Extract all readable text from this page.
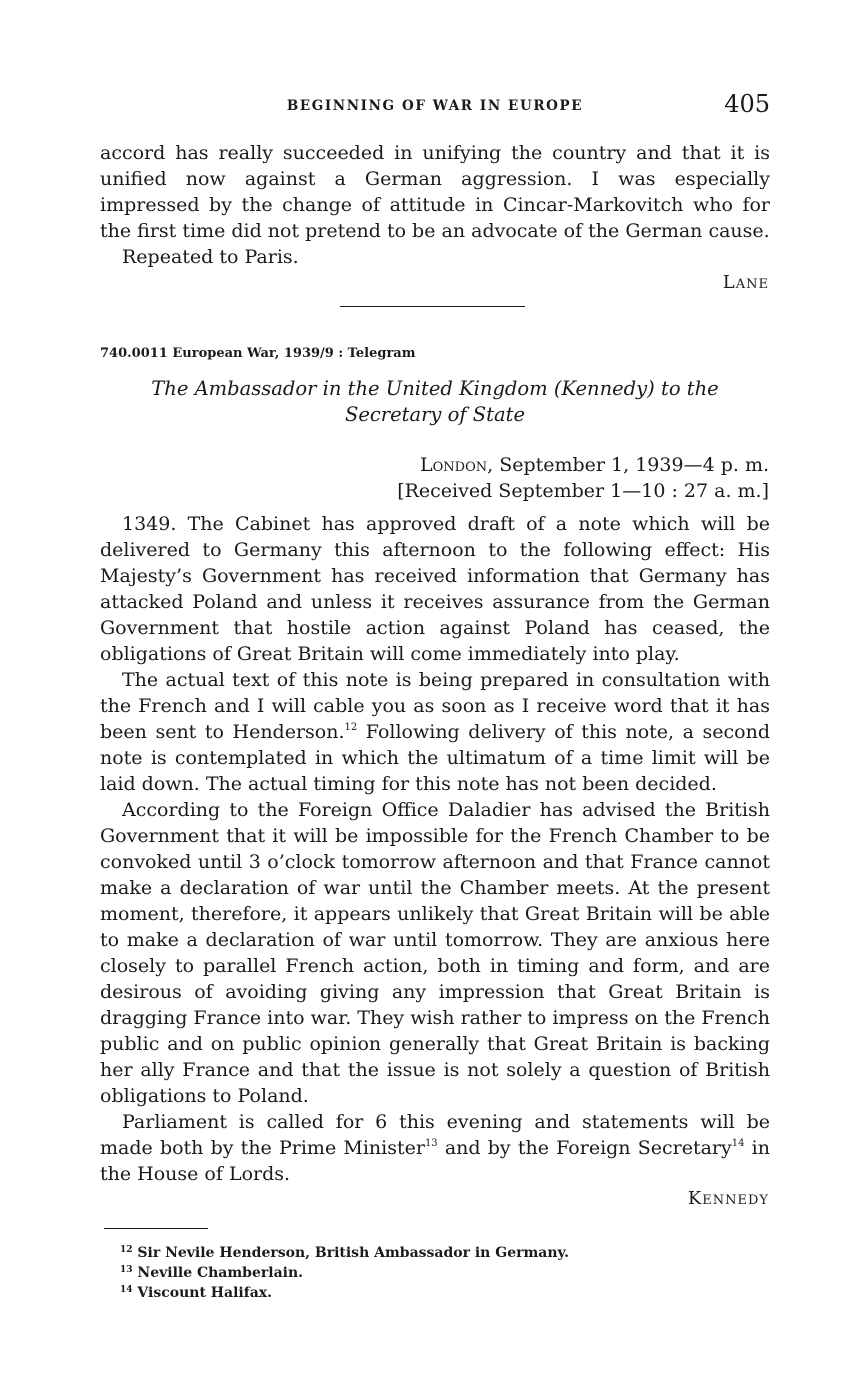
BEGINNING OF WAR IN EUROPE	405

accord has really succeeded in unifying the country and that it is unified now against a German aggression. I was especially impressed by the change of attitude in Cincar-Markovitch who for the first time did not pretend to be an advocate of the German cause.

Repeated to Paris.

Lane
740.0011 European War, 1939/9 : Telegram
The Ambassador in the United Kingdom (Kennedy) to the Secretary of State
London, September 1, 1939—4 p. m.
[Received September 1—10 : 27 a. m.]

1349. The Cabinet has approved draft of a note which will be delivered to Germany this afternoon to the following effect: His Majesty’s Government has received information that Germany has attacked Poland and unless it receives assurance from the German Government that hostile action against Poland has ceased, the obligations of Great Britain will come immediately into play.

The actual text of this note is being prepared in consultation with the French and I will cable you as soon as I receive word that it has been sent to Henderson.$^{12}$ Following delivery of this note, a second note is contemplated in which the ultimatum of a time limit will be laid down. The actual timing for this note has not been decided.

According to the Foreign Office Daladier has advised the British Government that it will be impossible for the French Chamber to be convoked until 3 o’clock tomorrow afternoon and that France cannot make a declaration of war until the Chamber meets. At the present moment, therefore, it appears unlikely that Great Britain will be able to make a declaration of war until tomorrow. They are anxious here closely to parallel French action, both in timing and form, and are desirous of avoiding giving any impression that Great Britain is dragging France into war. They wish rather to impress on the French public and on public opinion generally that Great Britain is backing her ally France and that the issue is not solely a question of British obligations to Poland.

Parliament is called for 6 this evening and statements will be made both by the Prime Minister$^{13}$ and by the Foreign Secretary$^{14}$ in the House of Lords.

Kennedy
$^{12}$ Sir Nevile Henderson, British Ambassador in Germany.
$^{13}$ Neville Chamberlain.
$^{14}$ Viscount Halifax.
